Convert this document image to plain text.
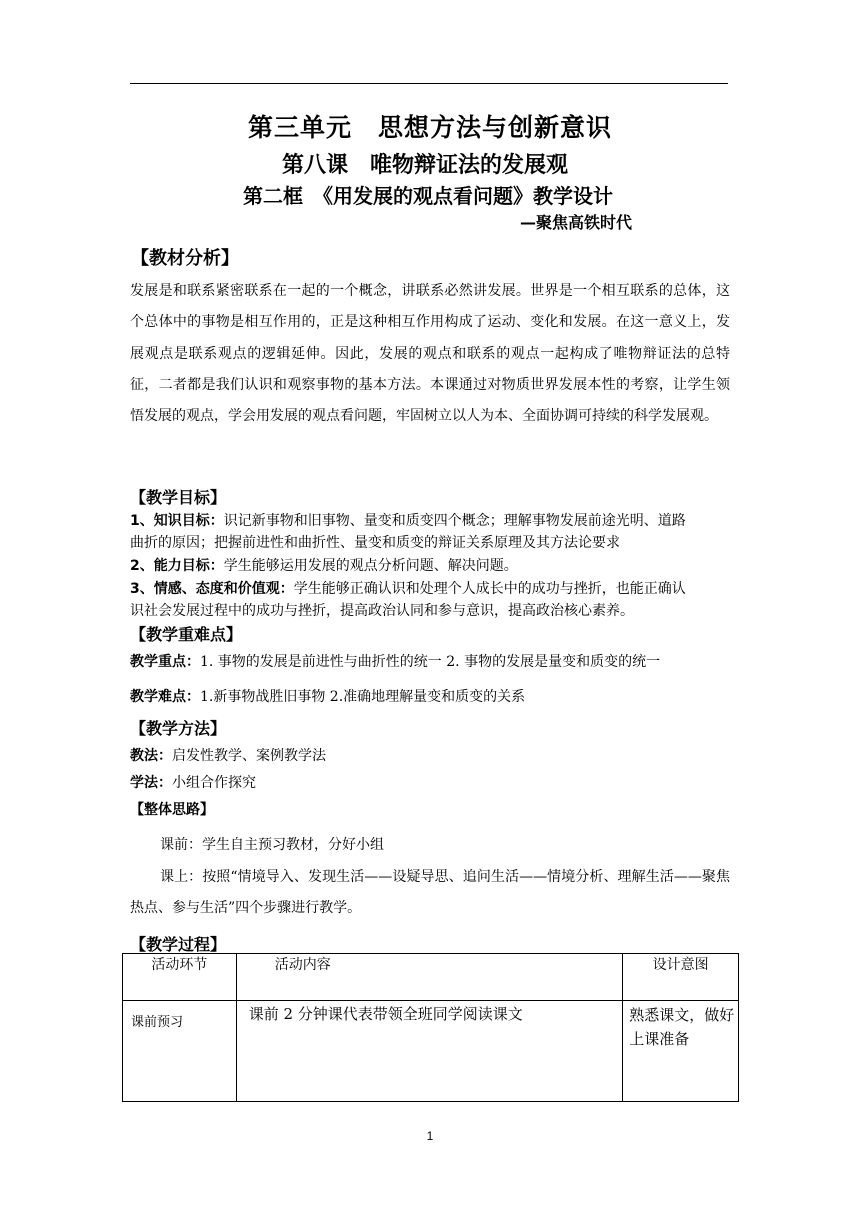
第三单元　思想方法与创新意识
第八课　唯物辩证法的发展观
第二框　《用发展的观点看问题》教学设计
—聚焦高铁时代
【教材分析】
发展是和联系紧密联系在一起的一个概念，讲联系必然讲发展。世界是一个相互联系的总体，这个总体中的事物是相互作用的，正是这种相互作用构成了运动、变化和发展。在这一意义上，发展观点是联系观点的逻辑延伸。因此，发展的观点和联系的观点一起构成了唯物辩证法的总特征，二者都是我们认识和观察事物的基本方法。本课通过对物质世界发展本性的考察，让学生领悟发展的观点，学会用发展的观点看问题，牢固树立以人为本、全面协调可持续的科学发展观。
【教学目标】
1、知识目标：识记新事物和旧事物、量变和质变四个概念；理解事物发展前途光明、道路
曲折的原因；把握前进性和曲折性、量变和质变的辩证关系原理及其方法论要求
2、能力目标：学生能够运用发展的观点分析问题、解决问题。
3、情感、态度和价值观：学生能够正确认识和处理个人成长中的成功与挫折，也能正确认
识社会发展过程中的成功与挫折，提高政治认同和参与意识，提高政治核心素养。
【教学重难点】
教学重点：1. 事物的发展是前进性与曲折性的统一 2. 事物的发展是量变和质变的统一
教学难点：1.新事物战胜旧事物 2.准确地理解量变和质变的关系
【教学方法】
教法：启发性教学、案例教学法
学法：小组合作探究
【整体思路】
课前：学生自主预习教材，分好小组
课上：按照“情境导入、发现生活——设疑导思、追问生活——情境分析、理解生活——聚焦热点、参与生活”四个步骤进行教学。
【教学过程】
活动环节	活动内容	设计意图
课前预习	课前 2 分钟课代表带领全班同学阅读课文	熟悉课文，做好上课准备
1
